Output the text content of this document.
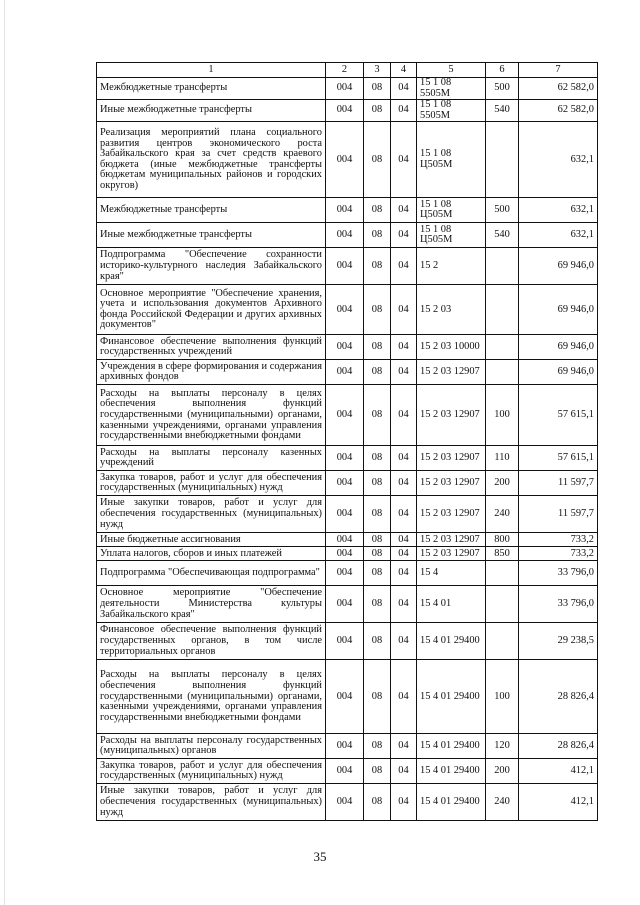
1	2	3	4	5	6	7
Межбюджетные трансферты	004	08	04	15 1 08 5505М	500	62 582,0
Иные межбюджетные трансферты	004	08	04	15 1 08 5505М	540	62 582,0
Реализация мероприятий плана социального развития центров экономического роста Забайкальского края за счет средств краевого бюджета (иные межбюджетные трансферты бюджетам муниципальных районов и городских округов)	004	08	04	15 1 08 Ц505М		632,1
Межбюджетные трансферты	004	08	04	15 1 08 Ц505М	500	632,1
Иные межбюджетные трансферты	004	08	04	15 1 08 Ц505М	540	632,1
Подпрограмма "Обеспечение сохранности историко-культурного наследия Забайкальского края"	004	08	04	15 2		69 946,0
Основное мероприятие "Обеспечение хранения, учета и использования документов Архивного фонда Российской Федерации и других архивных документов"	004	08	04	15 2 03		69 946,0
Финансовое обеспечение выполнения функций государственных учреждений	004	08	04	15 2 03 10000		69 946,0
Учреждения в сфере формирования и содержания архивных фондов	004	08	04	15 2 03 12907		69 946,0
Расходы на выплаты персоналу в целях обеспечения выполнения функций государственными (муниципальными) органами, казенными учреждениями, органами управления государственными внебюджетными фондами	004	08	04	15 2 03 12907	100	57 615,1
Расходы на выплаты персоналу казенных учреждений	004	08	04	15 2 03 12907	110	57 615,1
Закупка товаров, работ и услуг для обеспечения государственных (муниципальных) нужд	004	08	04	15 2 03 12907	200	11 597,7
Иные закупки товаров, работ и услуг для обеспечения государственных (муниципальных) нужд	004	08	04	15 2 03 12907	240	11 597,7
Иные бюджетные ассигнования	004	08	04	15 2 03 12907	800	733,2
Уплата налогов, сборов и иных платежей	004	08	04	15 2 03 12907	850	733,2
Подпрограмма "Обеспечивающая подпрограмма"	004	08	04	15 4		33 796,0
Основное мероприятие "Обеспечение деятельности Министерства культуры Забайкальского края"	004	08	04	15 4 01		33 796,0
Финансовое обеспечение выполнения функций государственных органов, в том числе территориальных органов	004	08	04	15 4 01 29400		29 238,5
Расходы на выплаты персоналу в целях обеспечения выполнения функций государственными (муниципальными) органами, казенными учреждениями, органами управления государственными внебюджетными фондами	004	08	04	15 4 01 29400	100	28 826,4
Расходы на выплаты персоналу государственных (муниципальных) органов	004	08	04	15 4 01 29400	120	28 826,4
Закупка товаров, работ и услуг для обеспечения государственных (муниципальных) нужд	004	08	04	15 4 01 29400	200	412,1
Иные закупки товаров, работ и услуг для обеспечения государственных (муниципальных) нужд	004	08	04	15 4 01 29400	240	412,1
35
